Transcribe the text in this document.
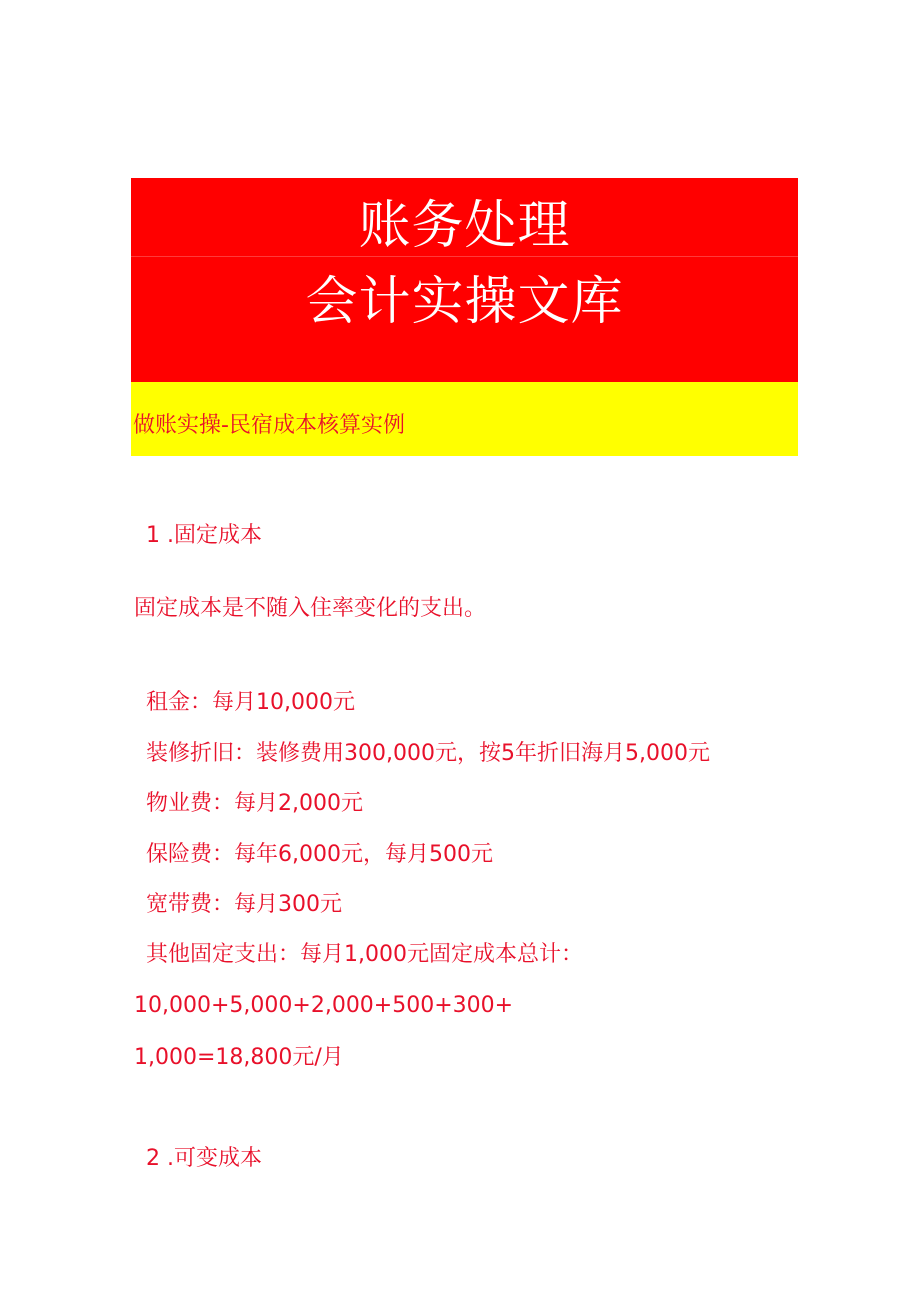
账务处理
会计实操文库
做账实操-民宿成本核算实例
1 .固定成本
固定成本是不随入住率变化的支出。
租金：每月10,000元
装修折旧：装修费用300,000元，按5年折旧海月5,000元
物业费：每月2,000元
保险费：每年6,000元，每月500元
宽带费：每月300元
其他固定支出：每月1,000元固定成本总计：
10,000+5,000+2,000+500+300+
1,000=18,800元/月
2 .可变成本
